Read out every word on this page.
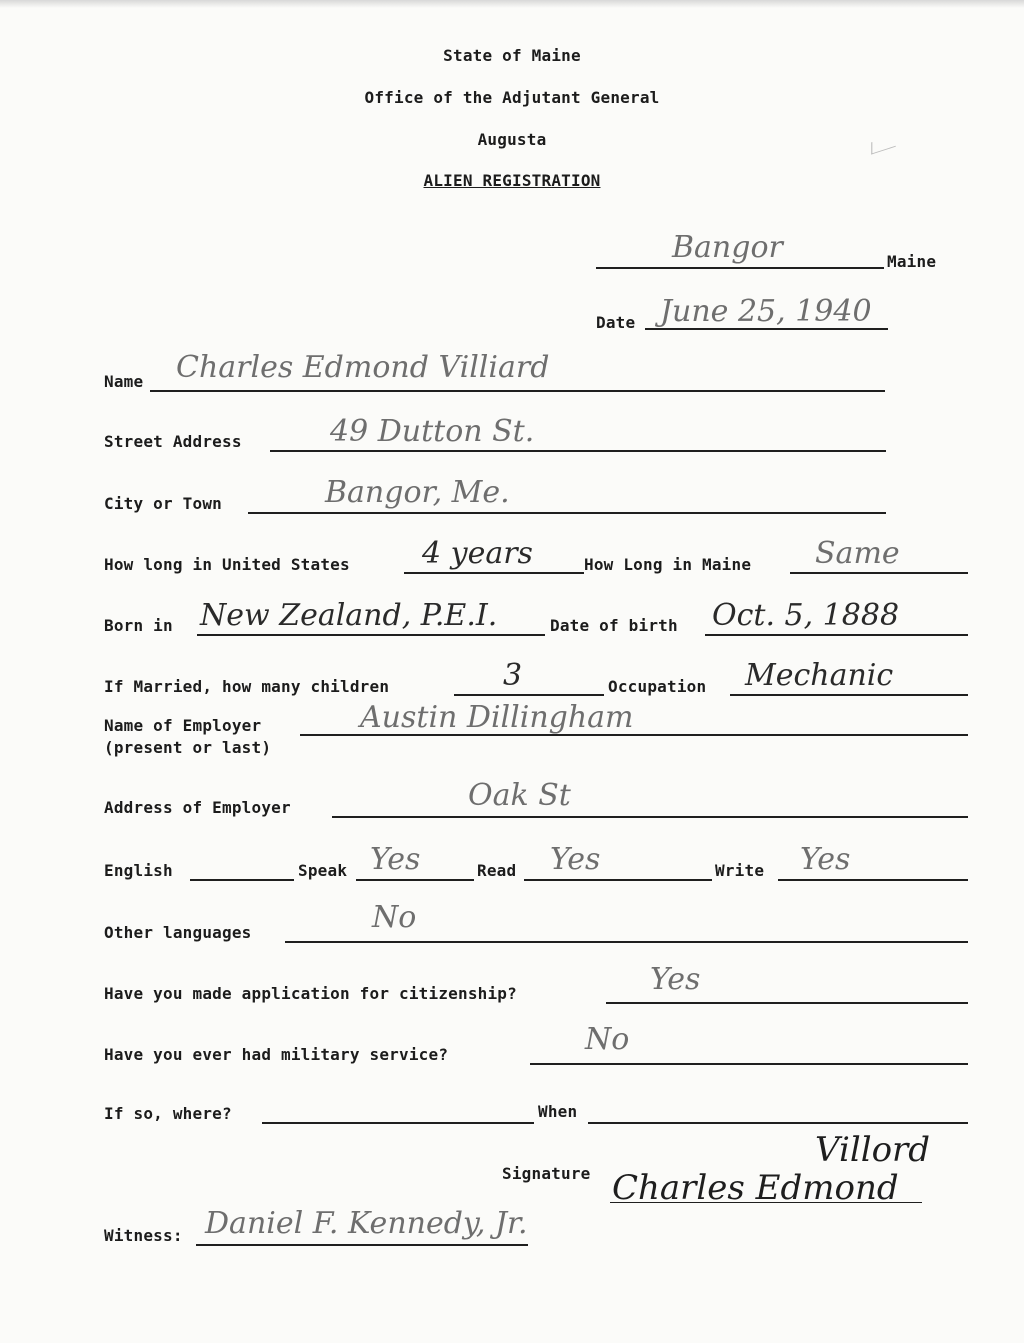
State of Maine
Office of the Adjutant General
Augusta
ALIEN REGISTRATION
Bangor	Maine
Date June 25, 1940
Name Charles Edmond Villiard
Street Address	49 Dutton St.
City or Town	Bangor, Me.
How long in United States 4 years	How Long in Maine Same
Born in New Zealand, P.E.I.	Date of birth Oct. 5, 1888
If Married, how many children	3	Occupation Mechanic
Name of Employer
(present or last)
Austin Dillingham
Address of Employer	Oak St
English	Speak Yes	Read Yes	Write Yes
Other languages	No
Have you made application for citizenship?	Yes
Have you ever had military service?	No
If so, where?	When
Signature
Villord
Charles Edmond
Witness: Daniel F. Kennedy, Jr.
